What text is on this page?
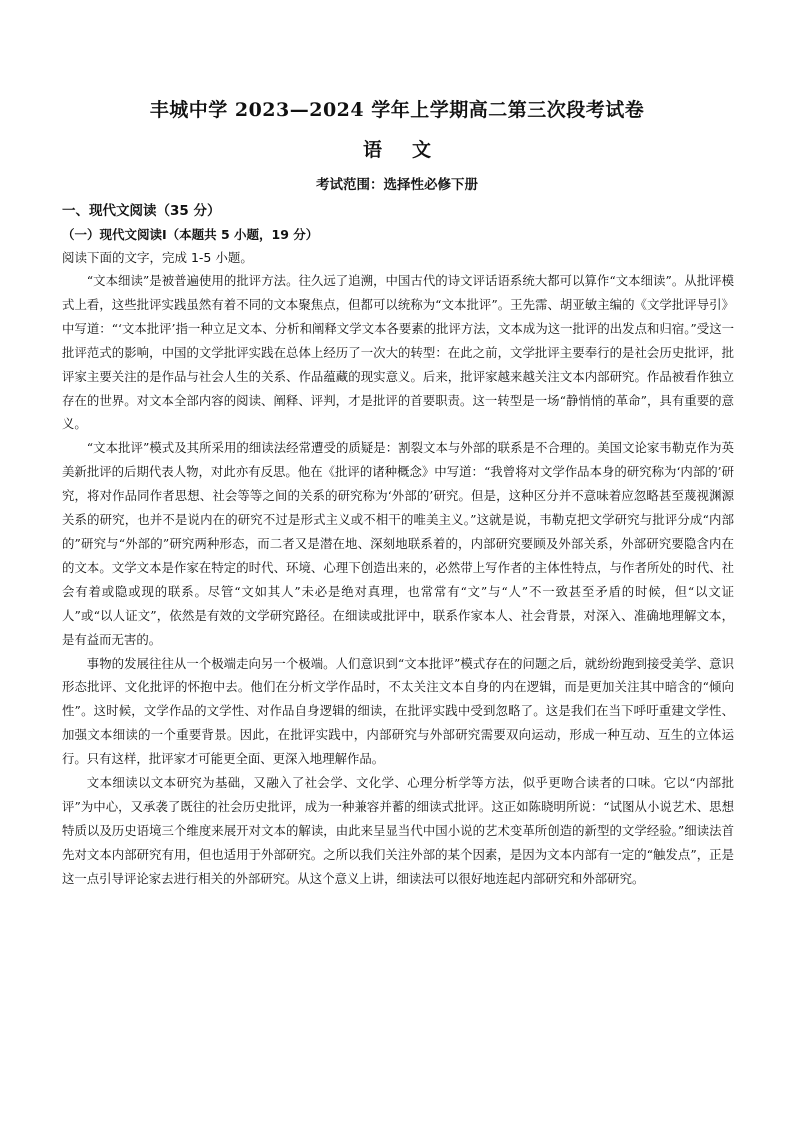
丰城中学 2023—2024 学年上学期高二第三次段考试卷
语文
考试范围：选择性必修下册
一、现代文阅读（35 分）
（一）现代文阅读Ⅰ（本题共 5 小题，19 分）
阅读下面的文字，完成 1-5 小题。

“文本细读”是被普遍使用的批评方法。往久远了追溯，中国古代的诗文评话语系统大都可以算作“文本细读”。从批评模式上看，这些批评实践虽然有着不同的文本聚焦点，但都可以统称为“文本批评”。王先霈、胡亚敏主编的《文学批评导引》中写道：“‘文本批评’指一种立足文本、分析和阐释文学文本各要素的批评方法，文本成为这一批评的出发点和归宿。”受这一批评范式的影响，中国的文学批评实践在总体上经历了一次大的转型：在此之前，文学批评主要奉行的是社会历史批评，批评家主要关注的是作品与社会人生的关系、作品蕴藏的现实意义。后来，批评家越来越关注文本内部研究。作品被看作独立存在的世界。对文本全部内容的阅读、阐释、评判，才是批评的首要职责。这一转型是一场“静悄悄的革命”，具有重要的意义。

“文本批评”模式及其所采用的细读法经常遭受的质疑是：割裂文本与外部的联系是不合理的。美国文论家韦勒克作为英美新批评的后期代表人物，对此亦有反思。他在《批评的诸种概念》中写道：“我曾将对文学作品本身的研究称为‘内部的’研究，将对作品同作者思想、社会等等之间的关系的研究称为‘外部的’研究。但是，这种区分并不意味着应忽略甚至蔑视渊源关系的研究，也并不是说内在的研究不过是形式主义或不相干的唯美主义。”这就是说，韦勒克把文学研究与批评分成“内部的”研究与“外部的”研究两种形态，而二者又是潜在地、深刻地联系着的，内部研究要顾及外部关系，外部研究要隐含内在的文本。文学文本是作家在特定的时代、环境、心理下创造出来的，必然带上写作者的主体性特点，与作者所处的时代、社会有着或隐或现的联系。尽管“文如其人”未必是绝对真理，也常常有“文”与“人”不一致甚至矛盾的时候，但“以文证人”或“以人证文”，依然是有效的文学研究路径。在细读或批评中，联系作家本人、社会背景，对深入、准确地理解文本，是有益而无害的。

事物的发展往往从一个极端走向另一个极端。人们意识到“文本批评”模式存在的问题之后，就纷纷跑到接受美学、意识形态批评、文化批评的怀抱中去。他们在分析文学作品时，不太关注文本自身的内在逻辑，而是更加关注其中暗含的“倾向性”。这时候，文学作品的文学性、对作品自身逻辑的细读，在批评实践中受到忽略了。这是我们在当下呼吁重建文学性、加强文本细读的一个重要背景。因此，在批评实践中，内部研究与外部研究需要双向运动，形成一种互动、互生的立体运行。只有这样，批评家才可能更全面、更深入地理解作品。

文本细读以文本研究为基础，又融入了社会学、文化学、心理分析学等方法，似乎更吻合读者的口味。它以“内部批评”为中心，又承袭了既往的社会历史批评，成为一种兼容并蓄的细读式批评。这正如陈晓明所说：“试图从小说艺术、思想特质以及历史语境三个维度来展开对文本的解读，由此来呈显当代中国小说的艺术变革所创造的新型的文学经验。”细读法首先对文本内部研究有用，但也适用于外部研究。之所以我们关注外部的某个因素，是因为文本内部有一定的“触发点”，正是这一点引导评论家去进行相关的外部研究。从这个意义上讲，细读法可以很好地连起内部研究和外部研究。
